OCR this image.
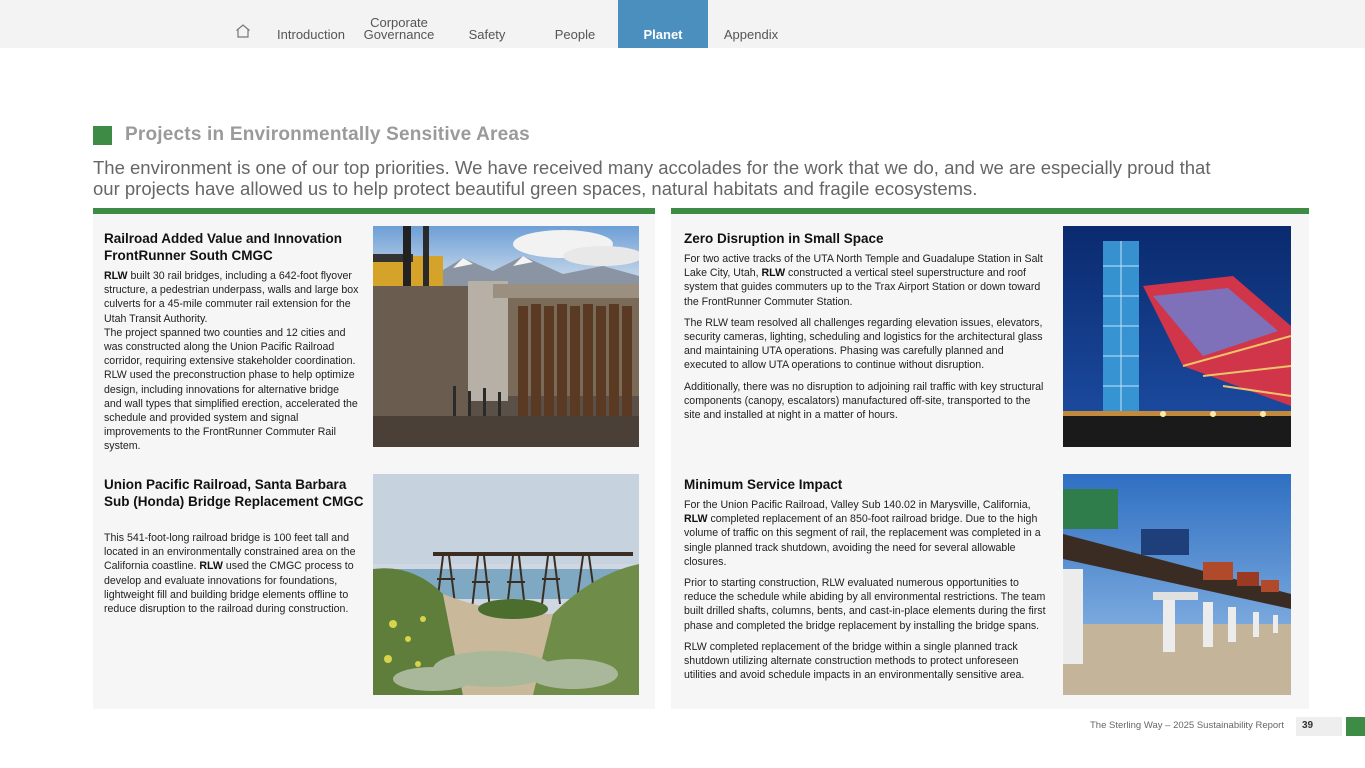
Introduction
Corporate Governance	Safety	People	Planet	Appendix
Projects in Environmentally Sensitive Areas
The environment is one of our top priorities. We have received many accolades for the work that we do, and we are especially proud that our projects have allowed us to help protect beautiful green spaces, natural habitats and fragile ecosystems.
Railroad Added Value and Innovation FrontRunner South CMGC
RLW built 30 rail bridges, including a 642-foot flyover structure, a pedestrian underpass, walls and large box culverts for a 45-mile commuter rail extension for the Utah Transit Authority.
The project spanned two counties and 12 cities and was constructed along the Union Pacific Railroad corridor, requiring extensive stakeholder coordination. RLW used the preconstruction phase to help optimize design, including innovations for alternative bridge and wall types that simplified erection, accelerated the schedule and provided system and signal improvements to the FrontRunner Commuter Rail system.
Union Pacific Railroad, Santa Barbara Sub (Honda) Bridge Replacement CMGC
This 541-foot-long railroad bridge is 100 feet tall and located in an environmentally constrained area on the California coastline. RLW used the CMGC process to develop and evaluate innovations for foundations, lightweight fill and building bridge elements offline to reduce disruption to the railroad during construction.
Zero Disruption in Small Space

For two active tracks of the UTA North Temple and Guadalupe Station in Salt Lake City, Utah, RLW constructed a vertical steel superstructure and roof system that guides commuters up to the Trax Airport Station or down toward the FrontRunner Commuter Station.

The RLW team resolved all challenges regarding elevation issues, elevators, security cameras, lighting, scheduling and logistics for the architectural glass and maintaining UTA operations. Phasing was carefully planned and executed to allow UTA operations to continue without disruption.

Additionally, there was no disruption to adjoining rail traffic with key structural components (canopy, escalators) manufactured off-site, transported to the site and installed at night in a matter of hours.

Minimum Service Impact

For the Union Pacific Railroad, Valley Sub 140.02 in Marysville, California, RLW completed replacement of an 850-foot railroad bridge. Due to the high volume of traffic on this segment of rail, the replacement was completed in a single planned track shutdown, avoiding the need for several allowable closures.

Prior to starting construction, RLW evaluated numerous opportunities to reduce the schedule while abiding by all environmental restrictions. The team built drilled shafts, columns, bents, and cast-in-place elements during the first phase and completed the bridge replacement by installing the bridge spans.

RLW completed replacement of the bridge within a single planned track shutdown utilizing alternate construction methods to protect unforeseen utilities and avoid schedule impacts in an environmentally sensitive area.

The Sterling Way – 2025 Sustainability Report	39
